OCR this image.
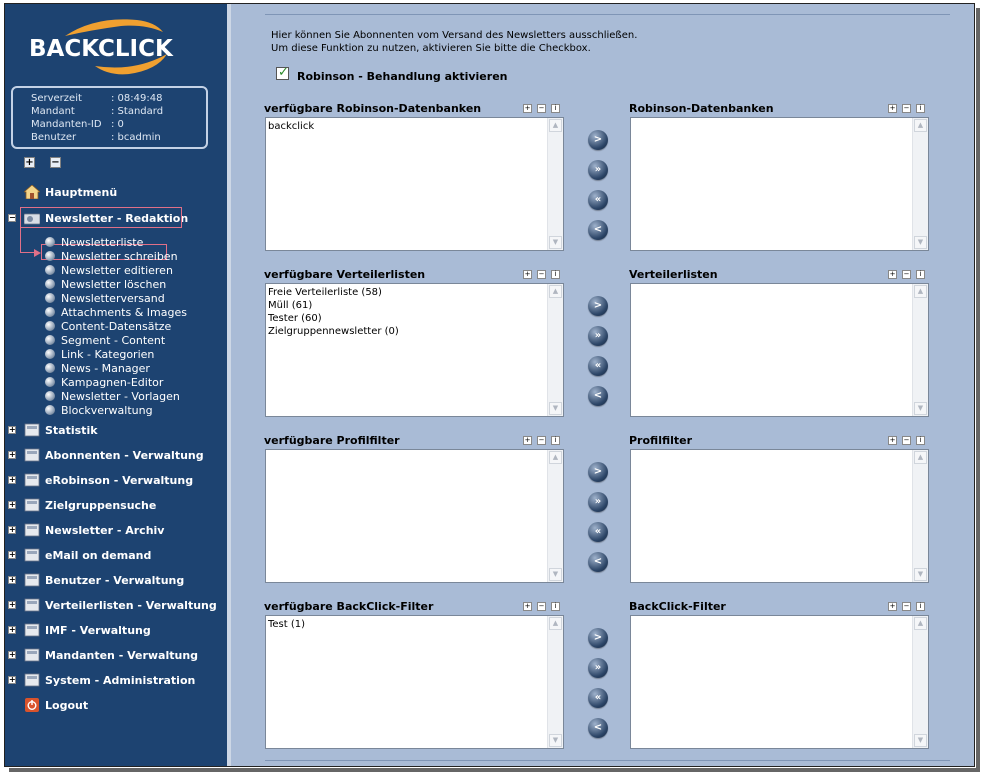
BACKCLICK
Serverzeit	: 08:49:48
Mandant	: Standard
Mandanten-ID : 0
Benutzer	: bcadmin
+ −
Hauptmenü
−	Newsletter - Redaktion
Newsletterliste
Newsletter schreiben
Newsletter editieren
Newsletter löschen
Newsletterversand
Attachments & Images
Content-Datensätze
Segment - Content
Link - Kategorien
News - Manager
Kampagnen-Editor
Newsletter - Vorlagen
Blockverwaltung
+	Statistik
+	Abonnenten - Verwaltung
+	eRobinson - Verwaltung
+	Zielgruppensuche
+	Newsletter - Archiv
+	eMail on demand
+	Benutzer - Verwaltung
+	Verteilerlisten - Verwaltung
+	IMF - Verwaltung
+	Mandanten - Verwaltung
+	System - Administration
Logout
Hier können Sie Abonnenten vom Versand des Newsletters ausschließen.
Um diese Funktion zu nutzen, aktivieren Sie bitte die Checkbox.
✓ Robinson - Behandlung aktivieren
verfügbare Robinson-Datenbanken	+ −	i	Robinson-Datenbanken	+ −	i
backclick	▲
▼
▲
▼
>
»
«
<
verfügbare Verteilerlisten	+ −	i	Verteilerlisten	+ −	i
Freie Verteilerliste (58)
Müll (61)
Tester (60)
Zielgruppennewsletter (0)
▲
▼
▲
▼
>
»
«
<
verfügbare Profilfilter	+ −	i	Profilfilter	+ −	i
▲
▼
▲
▼
>
»
«
<
verfügbare BackClick-Filter	+ −	i	BackClick-Filter	+ −	i
Test (1)	▲
▼
▲
▼
>
»
«
<
